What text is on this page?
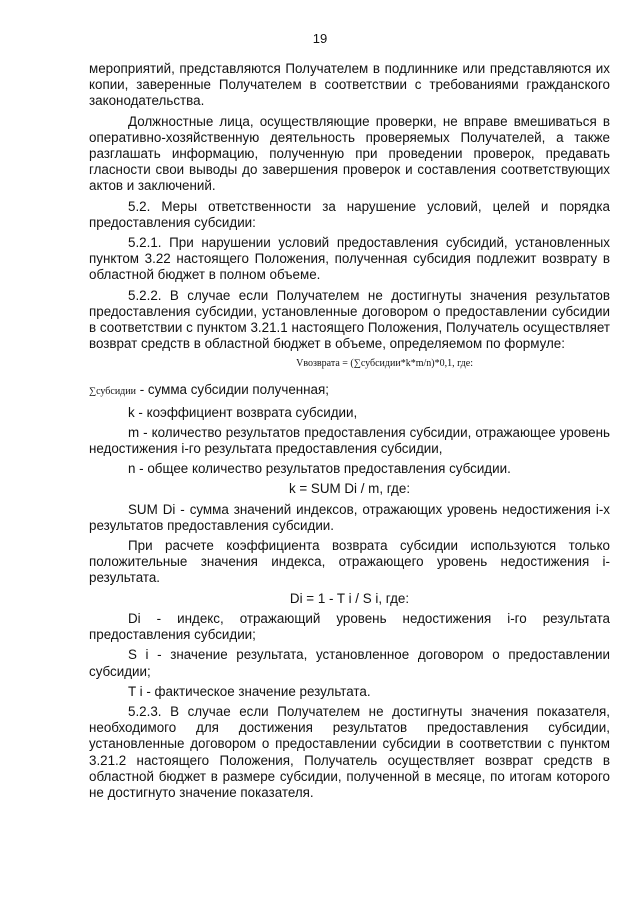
19

мероприятий, представляются Получателем в подлиннике или представляются их копии, заверенные Получателем в соответствии с требованиями гражданского законодательства.

Должностные лица, осуществляющие проверки, не вправе вмешиваться в оперативно-хозяйственную деятельность проверяемых Получателей, а также разглашать информацию, полученную при проведении проверок, предавать гласности свои выводы до завершения проверок и составления соответствующих актов и заключений.

5.2. Меры ответственности за нарушение условий, целей и порядка предоставления субсидии:

5.2.1. При нарушении условий предоставления субсидий, установленных пунктом 3.22 настоящего Положения, полученная субсидия подлежит возврату в областной бюджет в полном объеме.

5.2.2. В случае если Получателем не достигнуты значения результатов предоставления субсидии, установленные договором о предоставлении субсидии в соответствии с пунктом 3.21.1 настоящего Положения, Получатель осуществляет возврат средств в областной бюджет в объеме, определяемом по формуле:

Vвозврата = (∑субсидии*k*m/n)*0,1, где:

∑субсидии - сумма субсидии полученная;

k - коэффициент возврата субсидии,

m - количество результатов предоставления субсидии, отражающее уровень недостижения i-го результата предоставления субсидии,

n - общее количество результатов предоставления субсидии.

k = SUM Di / m, где:

SUM Di - сумма значений индексов, отражающих уровень недостижения i-х результатов предоставления субсидии.

При расчете коэффициента возврата субсидии используются только положительные значения индекса, отражающего уровень недостижения i-результата.

Di = 1 - T i / S i, где:

Di - индекс, отражающий уровень недостижения i-го результата предоставления субсидии;

S i - значение результата, установленное договором о предоставлении субсидии;

T i - фактическое значение результата.

5.2.3. В случае если Получателем не достигнуты значения показателя, необходимого для достижения результатов предоставления субсидии, установленные договором о предоставлении субсидии в соответствии с пунктом 3.21.2 настоящего Положения, Получатель осуществляет возврат средств в областной бюджет в размере субсидии, полученной в месяце, по итогам которого не достигнуто значение показателя.
